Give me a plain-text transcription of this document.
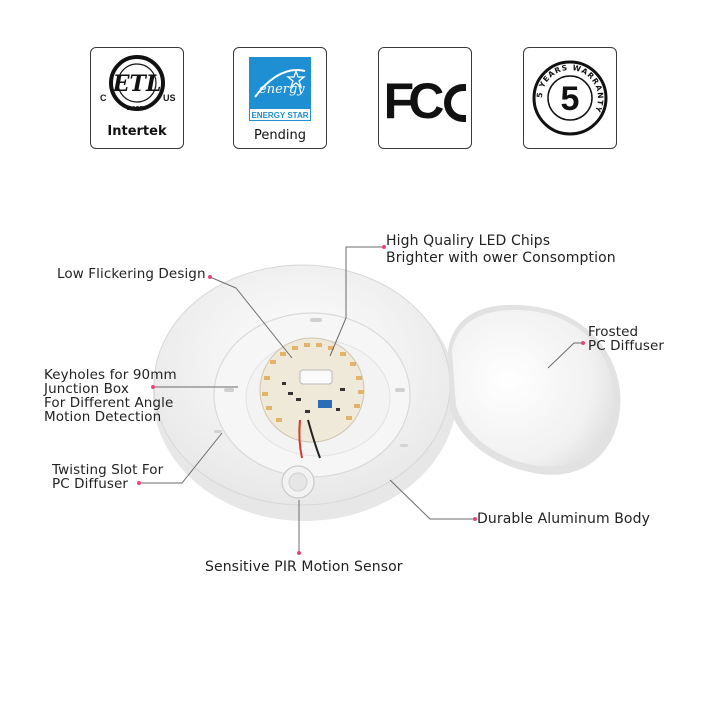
ETL
C	US
LISTED
Intertek
energy
ENERGY STAR
Pending
FC	5 YEARS WARRANTY
5
High Qualiry LED Chips
Brighter with ower Consomption
Low Flickering Design
Frosted
PC Diffuser
Keyholes for 90mm
Junction Box
For Different Angle
Motion Detection
Twisting Slot For
PC Diffuser
Durable Aluminum Body
Sensitive PIR Motion Sensor
